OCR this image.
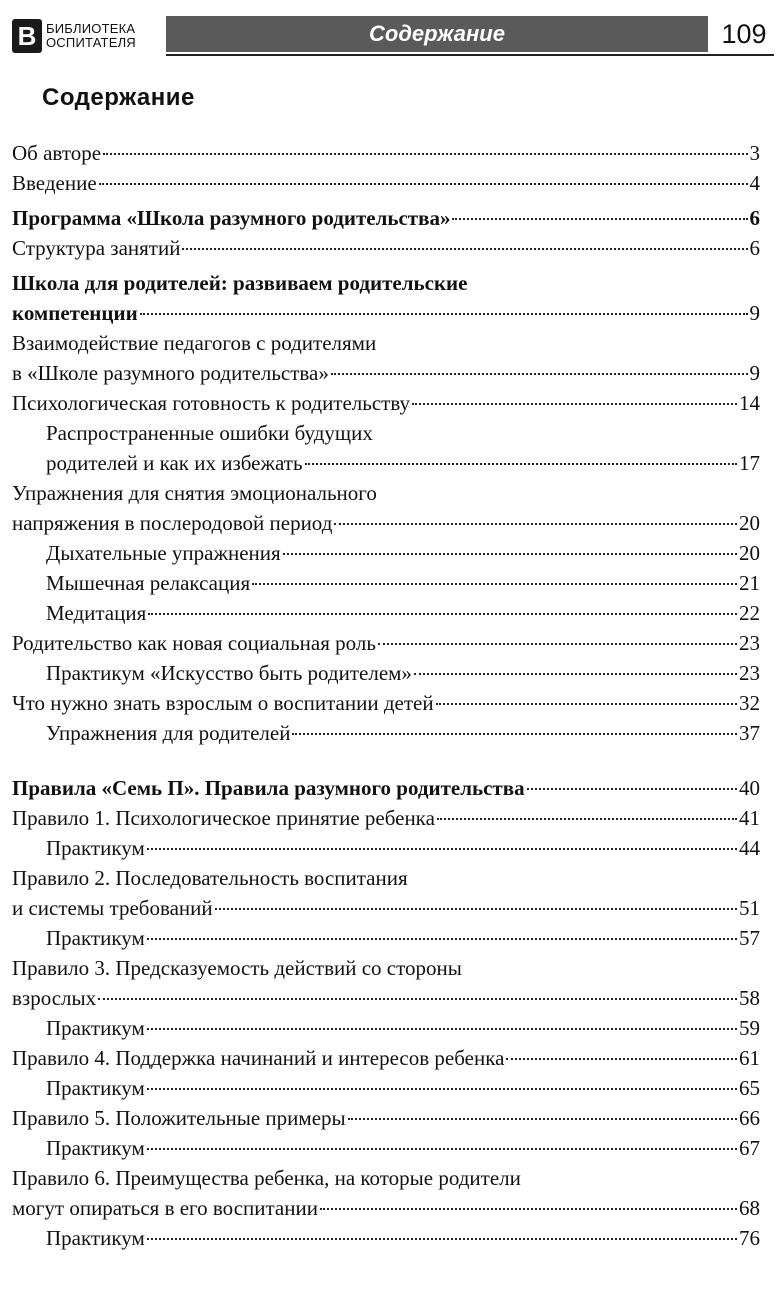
В БИБЛИОТЕКА
ОСПИТАТЕЛЯ	Содержание	109
Содержание
Об авторе	3
Введение	4
Программа «Школа разумного родительства»	6
Структура занятий	6
Школа для родителей: развиваем родительские
компетенции	9
Взаимодействие педагогов с родителями
в «Школе разумного родительства»	9
Психологическая готовность к родительству	14
Распространенные ошибки будущих
родителей и как их избежать	17
Упражнения для снятия эмоционального
напряжения в послеродовой период	20
Дыхательные упражнения	20
Мышечная релаксация	21
Медитация	22
Родительство как новая социальная роль	23
Практикум «Искусство быть родителем»	23
Что нужно знать взрослым о воспитании детей	32
Упражнения для родителей	37
Правила «Семь П». Правила разумного родительства	40
Правило 1. Психологическое принятие ребенка	41
Практикум	44
Правило 2. Последовательность воспитания
и системы требований	51
Практикум	57
Правило 3. Предсказуемость действий со стороны
взрослых	58
Практикум	59
Правило 4. Поддержка начинаний и интересов ребенка	61
Практикум	65
Правило 5. Положительные примеры	66
Практикум	67
Правило 6. Преимущества ребенка, на которые родители
могут опираться в его воспитании	68
Практикум	76
